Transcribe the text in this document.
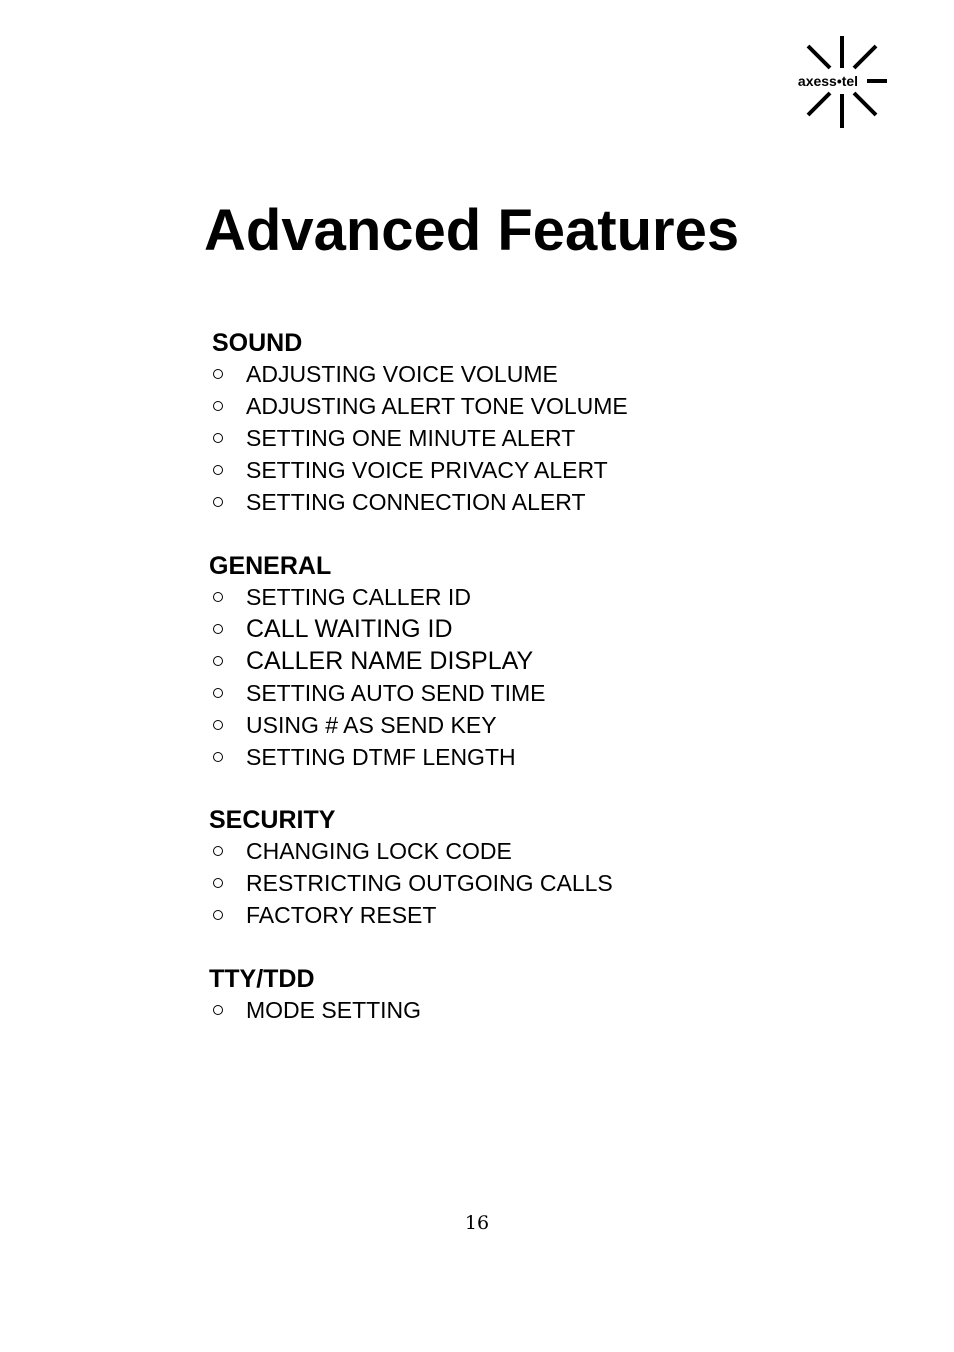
axess•tel
Advanced Features
SOUND
ADJUSTING VOICE VOLUME
ADJUSTING ALERT TONE VOLUME
SETTING ONE MINUTE ALERT
SETTING VOICE PRIVACY ALERT
SETTING CONNECTION ALERT
GENERAL
SETTING CALLER ID
CALL WAITING ID
CALLER NAME DISPLAY
SETTING AUTO SEND TIME
USING # AS SEND KEY
SETTING DTMF LENGTH
SECURITY
CHANGING LOCK CODE
RESTRICTING OUTGOING CALLS
FACTORY RESET
TTY/TDD
MODE SETTING
16
